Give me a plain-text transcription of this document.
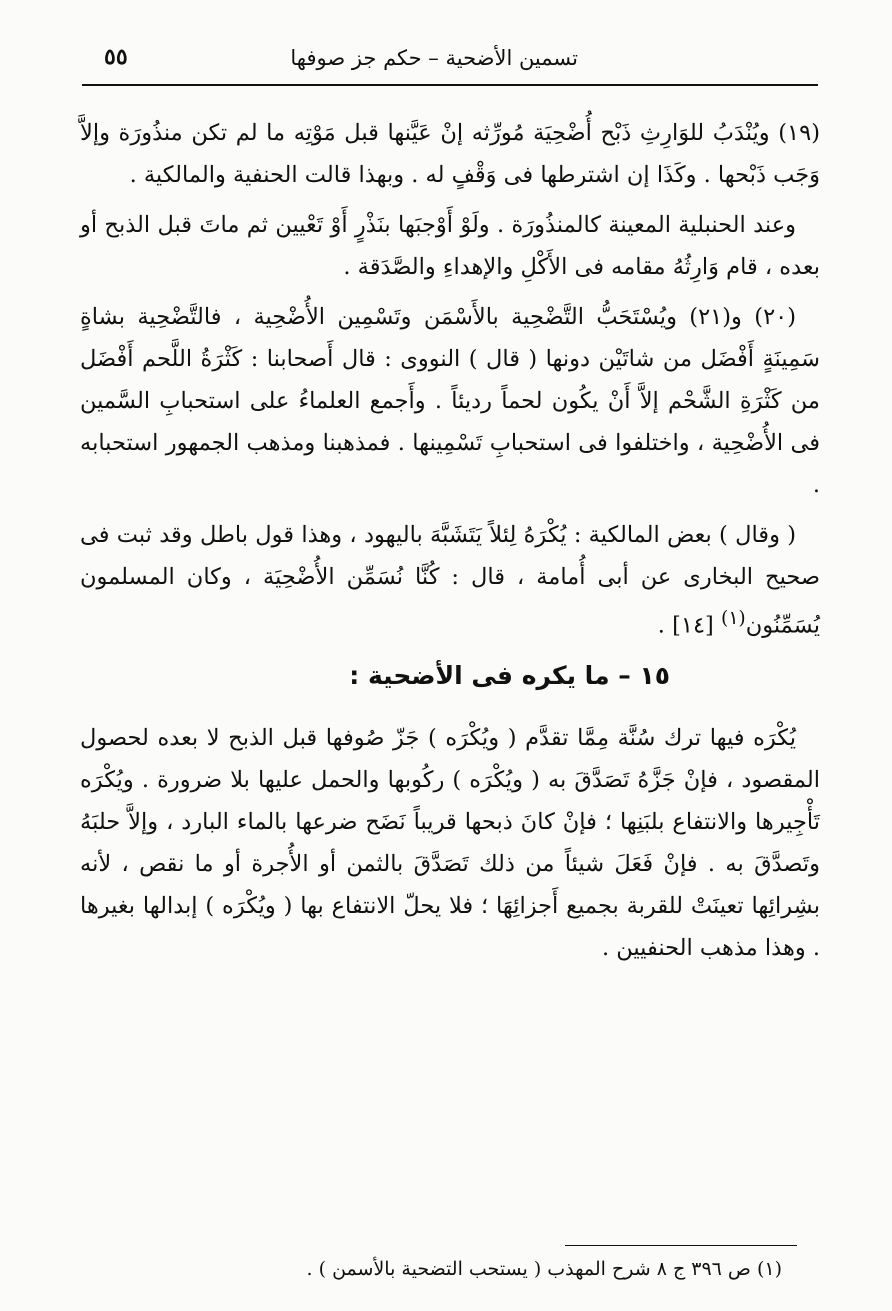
تسمين الأضحية – حكم جز صوفها
٥٥

(١٩) ويُنْدَبُ للوَارِثِ ذَبْح أُضْحِيَة مُورِّثه إنْ عَيَّنها قبل مَوْتِه ما لم تكن منذُورَة وإلاَّ وَجَب ذَبْحها . وكَذَا إن اشترطها فى وَقْفٍ له . وبهذا قالت الحنفية والمالكية .

وعند الحنبلية المعينة كالمنذُورَة . ولَوْ أَوْجبَها بنَذْرٍ أَوْ تَعْيين ثم ماتَ قبل الذبح أو بعده ، قام وَارِثُهُ مقامه فى الأَكْلِ والإهداءِ والصَّدَقة .

(٢٠) و(٢١) ويُسْتَحَبُّ التَّضْحِية بالأَسْمَن وتَسْمِين الأُضْحِية ، فالتَّضْحِية بشاةٍ سَمِينَةٍ أَفْضَل من شاتَيْن دونها ( قال ) النووى : قال أَصحابنا : كَثْرَةُ اللَّحم أَفْضَل من كَثْرَةِ الشَّحْم إلاَّ أَنْ يكُون لحماً رديئاً . وأَجمع العلماءُ على استحبابِ السَّمين فى الأُضْحِية ، واختلفوا فى استحبابِ تَسْمِينها . فمذهبنا ومذهب الجمهور استحبابه .

( وقال ) بعض المالكية : يُكْرَهُ لِئلاً يَتَشَبَّهَ باليهود ، وهذا قول باطل وقد ثبت فى صحيح البخارى عن أبى أُمامة ، قال : كُنَّا نُسَمِّن الأُضْحِيَة ، وكان المسلمون يُسَمِّنُون$^{(١)}$ [١٤] .

١٥ – ما يكره فى الأضحية :

يُكْرَه فيها ترك سُنَّة مِمَّا تقدَّم ( ويُكْرَه ) جَزّ صُوفها قبل الذبح لا بعده لحصول المقصود ، فإنْ جَزَّهُ تَصَدَّقَ به ( ويُكْرَه ) ركُوبها والحمل عليها بلا ضرورة . ويُكْرَه تَأْجِيرها والانتفاع بلبَنِها ؛ فإنْ كانَ ذبحها قريباً نَضَح ضرعها بالماء البارد ، وإلاَّ حلبَهُ وتَصدَّقَ به . فإنْ فَعَلَ شيئاً من ذلك تَصَدَّقَ بالثمن أو الأُجرة أو ما نقص ، لأنه بشِرائِها تعينَتْ للقربة بجميع أَجزائِهَا ؛ فلا يحلّ الانتفاع بها ( ويُكْرَه ) إبدالها بغيرها . وهذا مذهب الحنفيين .

(١) ص ٣٩٦ ج ٨ شرح المهذب ( يستحب التضحية بالأسمن ) .
